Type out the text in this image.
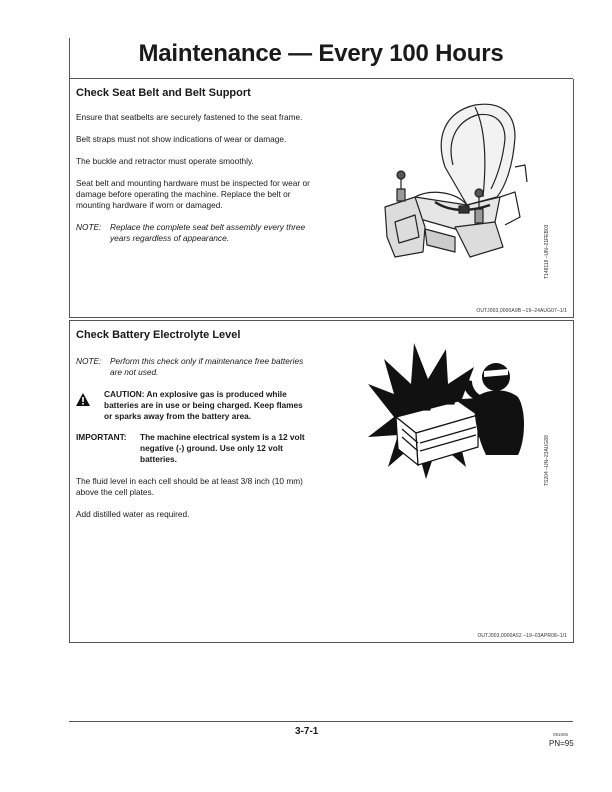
Maintenance — Every 100 Hours
Check Seat Belt and Belt Support

Ensure that seatbelts are securely fastened to the seat frame.

Belt straps must not show indications of wear or damage.

The buckle and retractor must operate smoothly.

Seat belt and mounting hardware must be inspected for wear or damage before operating the machine. Replace the belt or mounting hardware if worn or damaged.

NOTE:	Replace the complete seat belt assembly every three years regardless of appearance.	T148118 –UN–21FEB03
OUTJ003,0000A9B –19–24AUG07–1/1
Check Battery Electrolyte Level
NOTE:	Perform this check only if maintenance free batteries are not used.
CAUTION: An explosive gas is produced while batteries are in use or being charged. Keep flames or sparks away from the battery area.
IMPORTANT:	The machine electrical system is a 12 volt negative (-) ground. Use only 12 volt batteries.

The fluid level in each cell should be at least 3/8 inch (10 mm) above the cell plates.

Add distilled water as required.

TS204 –UN–23AUG88
OUTJ003,0000A52 –19–03APR08–1/1
3-7-1	081806
PN=95
